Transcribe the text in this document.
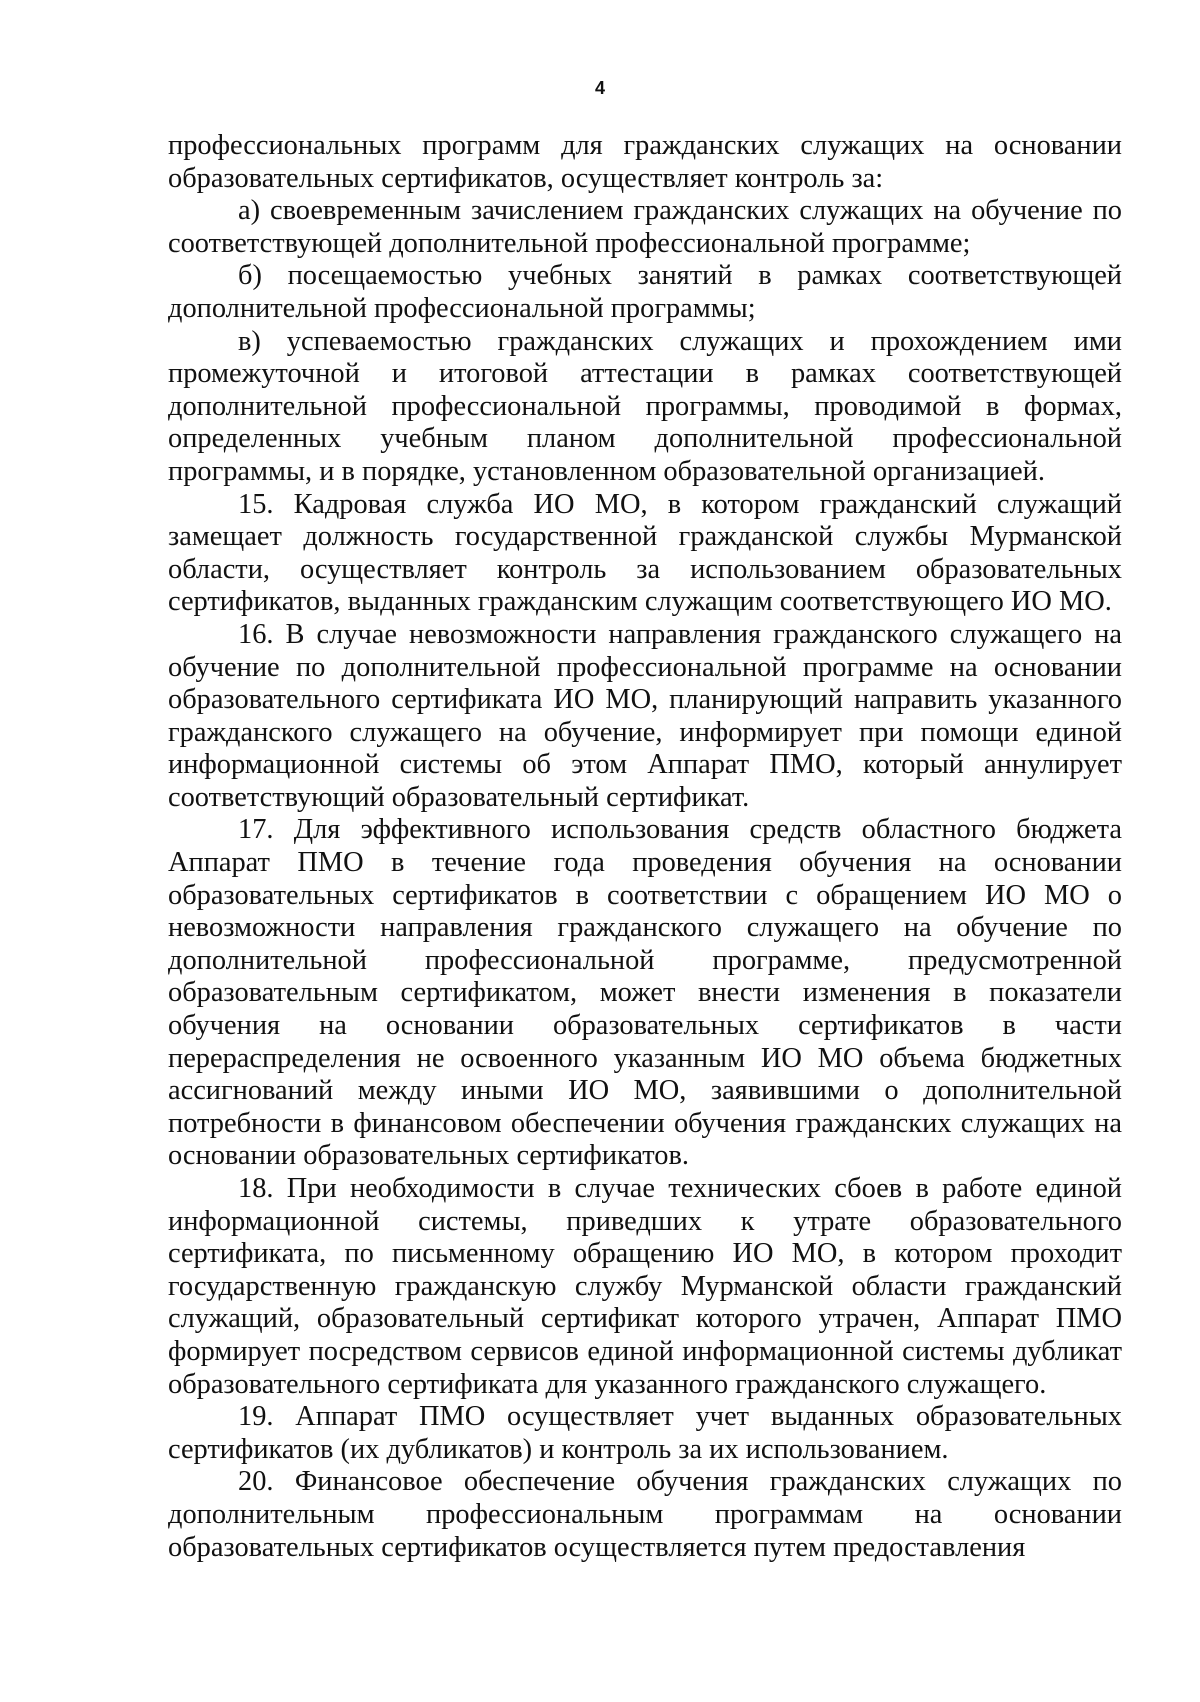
4

профессиональных программ для гражданских служащих на основании образовательных сертификатов, осуществляет контроль за:

а) своевременным зачислением гражданских служащих на обучение по соответствующей дополнительной профессиональной программе;

б) посещаемостью учебных занятий в рамках соответствующей дополнительной профессиональной программы;

в) успеваемостью гражданских служащих и прохождением ими промежуточной и итоговой аттестации в рамках соответствующей дополнительной профессиональной программы, проводимой в формах, определенных учебным планом дополнительной профессиональной программы, и в порядке, установленном образовательной организацией.

15. Кадровая служба ИО МО, в котором гражданский служащий замещает должность государственной гражданской службы Мурманской области, осуществляет контроль за использованием образовательных сертификатов, выданных гражданским служащим соответствующего ИО МО.

16. В случае невозможности направления гражданского служащего на обучение по дополнительной профессиональной программе на основании образовательного сертификата ИО МО, планирующий направить указанного гражданского служащего на обучение, информирует при помощи единой информационной системы об этом Аппарат ПМО, который аннулирует соответствующий образовательный сертификат.

17. Для эффективного использования средств областного бюджета Аппарат ПМО в течение года проведения обучения на основании образовательных сертификатов в соответствии с обращением ИО МО о невозможности направления гражданского служащего на обучение по дополнительной профессиональной программе, предусмотренной образовательным сертификатом, может внести изменения в показатели обучения на основании образовательных сертификатов в части перераспределения не освоенного указанным ИО МО объема бюджетных ассигнований между иными ИО МО, заявившими о дополнительной потребности в финансовом обеспечении обучения гражданских служащих на основании образовательных сертификатов.

18. При необходимости в случае технических сбоев в работе единой информационной системы, приведших к утрате образовательного сертификата, по письменному обращению ИО МО, в котором проходит государственную гражданскую службу Мурманской области гражданский служащий, образовательный сертификат которого утрачен, Аппарат ПМО формирует посредством сервисов единой информационной системы дубликат образовательного сертификата для указанного гражданского служащего.

19. Аппарат ПМО осуществляет учет выданных образовательных сертификатов (их дубликатов) и контроль за их использованием.

20. Финансовое обеспечение обучения гражданских служащих по дополнительным профессиональным программам на основании образовательных сертификатов осуществляется путем предоставления
